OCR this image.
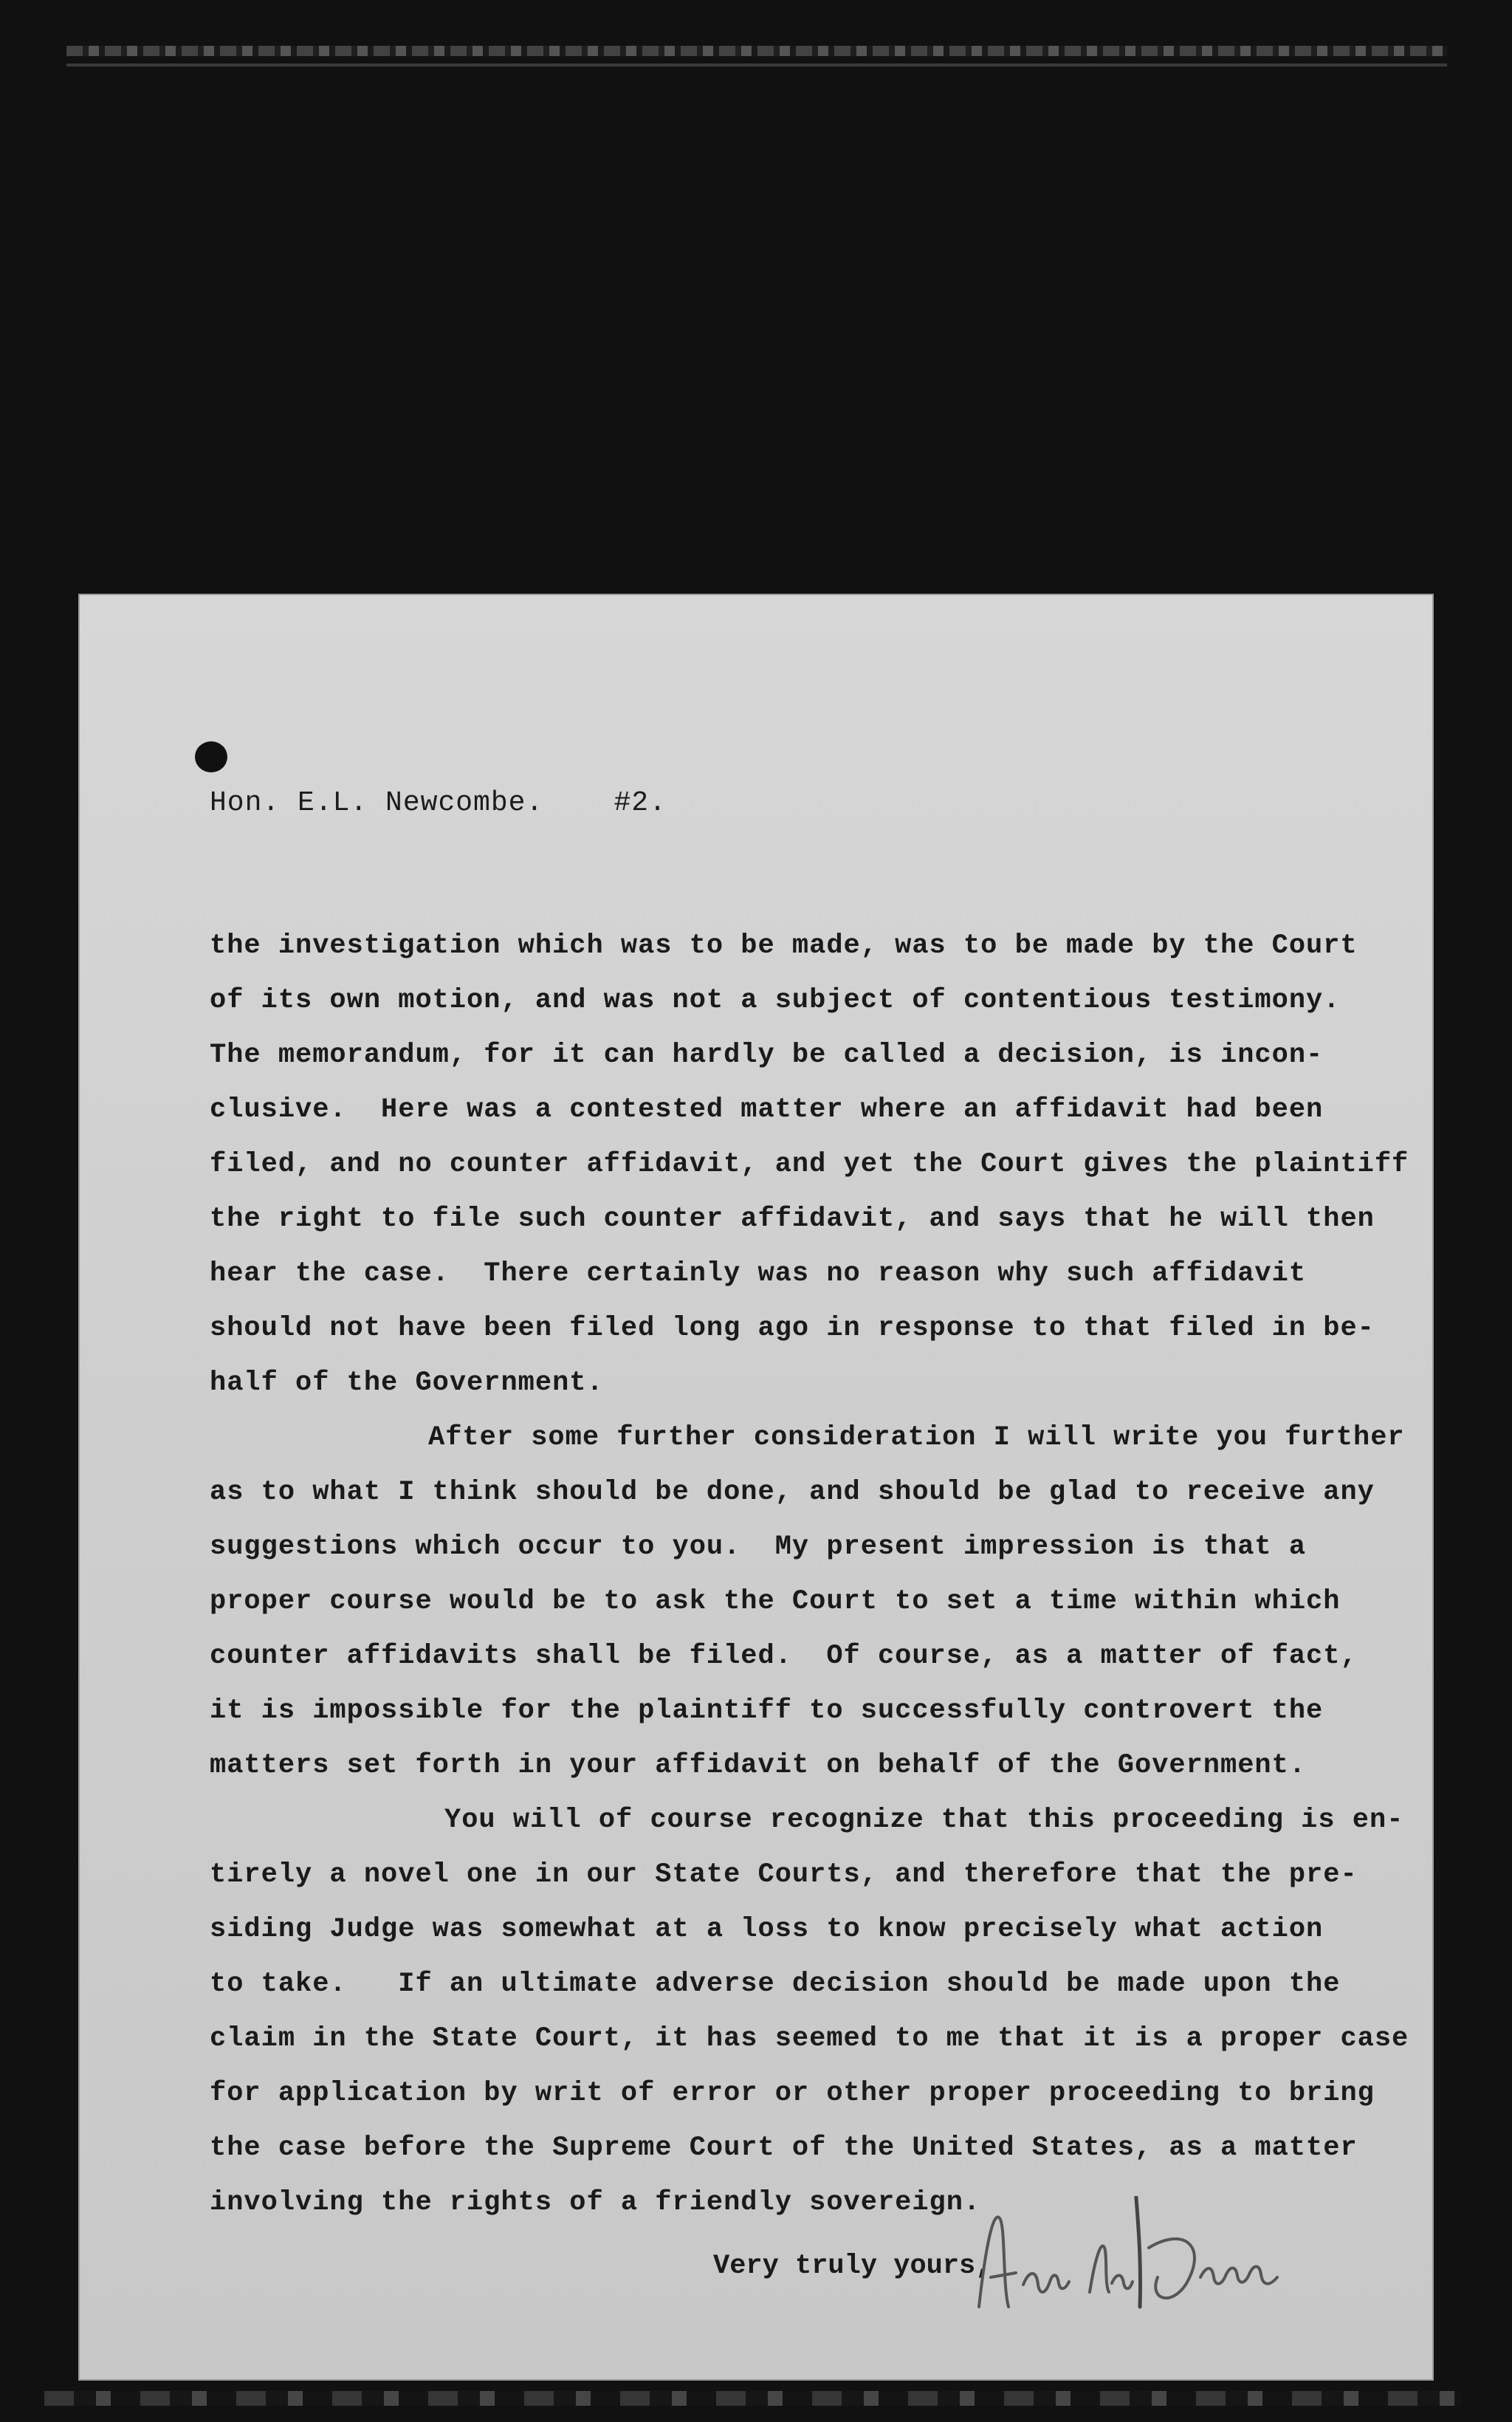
Hon. E.L. Newcombe.	#2.
the investigation which was to be made, was to be made by the Court
of its own motion, and was not a subject of contentious testimony.
The memorandum, for it can hardly be called a decision, is incon-
clusive.  Here was a contested matter where an affidavit had been
filed, and no counter affidavit, and yet the Court gives the plaintiff
the right to file such counter affidavit, and says that he will then
hear the case.  There certainly was no reason why such affidavit
should not have been filed long ago in response to that filed in be-
half of the Government.
After some further consideration I will write you further
as to what I think should be done, and should be glad to receive any
suggestions which occur to you.  My present impression is that a
proper course would be to ask the Court to set a time within which
counter affidavits shall be filed.  Of course, as a matter of fact,
it is impossible for the plaintiff to successfully controvert the
matters set forth in your affidavit on behalf of the Government.
You will of course recognize that this proceeding is en-
tirely a novel one in our State Courts, and therefore that the pre-
siding Judge was somewhat at a loss to know precisely what action
to take.   If an ultimate adverse decision should be made upon the
claim in the State Court, it has seemed to me that it is a proper case
for application by writ of error or other proper proceeding to bring
the case before the Supreme Court of the United States, as a matter
involving the rights of a friendly sovereign.
Very truly yours,
